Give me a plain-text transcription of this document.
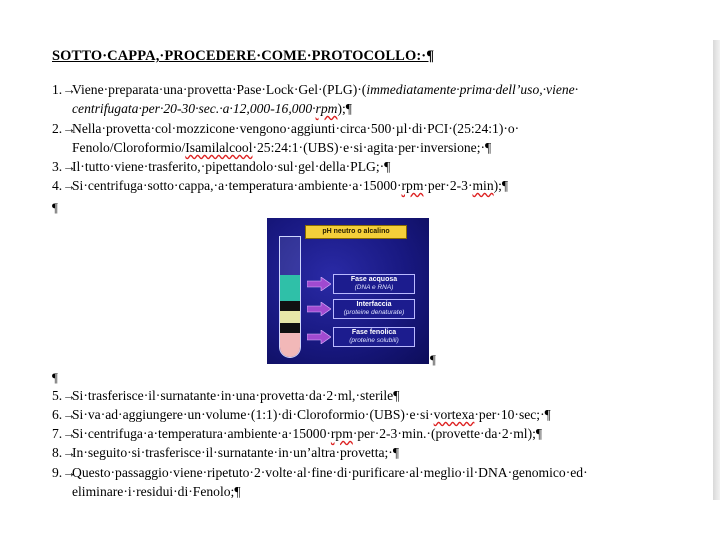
SOTTO·CAPPA,·PROCEDERE·COME·PROTOCOLLO:·¶
1.→
Viene·preparata·una·provetta·Pase·Lock·Gel·(PLG)·(immediatamente·prima·dell’uso,·viene·
centrifugata·per·20-30·sec.·a·12,000-16,000·rpm);¶
2.→
Nella·provetta·col·mozzicone·vengono·aggiunti·circa·500·µl·di·PCI·(25:24:1)·o·
Fenolo/Cloroformio/Isamilalcool·25:24:1·(UBS)·e·si·agita·per·inversione;·¶
3.→
Il·tutto·viene·trasferito,·pipettandolo·sul·gel·della·PLG;·¶
4.→
Si·centrifuga·sotto·cappa,·a·temperatura·ambiente·a·15000·rpm·per·2-3·min);¶
¶
pH neutro o alcalino
Fase acquosa
(DNA e RNA)
Interfaccia
(proteine denaturate)
Fase fenolica
(proteine solubili)
¶
¶
5.→
Si·trasferisce·il·surnatante·in·una·provetta·da·2·ml,·sterile¶
6.→
Si·va·ad·aggiungere·un·volume·(1:1)·di·Cloroformio·(UBS)·e·si·vortexa·per·10·sec;·¶
7.→
Si·centrifuga·a·temperatura·ambiente·a·15000·rpm·per·2-3·min.·(provette·da·2·ml);¶
8.→
In·seguito·si·trasferisce·il·surnatante·in·un’altra·provetta;·¶
9.→
Questo·passaggio·viene·ripetuto·2·volte·al·fine·di·purificare·al·meglio·il·DNA·genomico·ed·
eliminare·i·residui·di·Fenolo;¶
